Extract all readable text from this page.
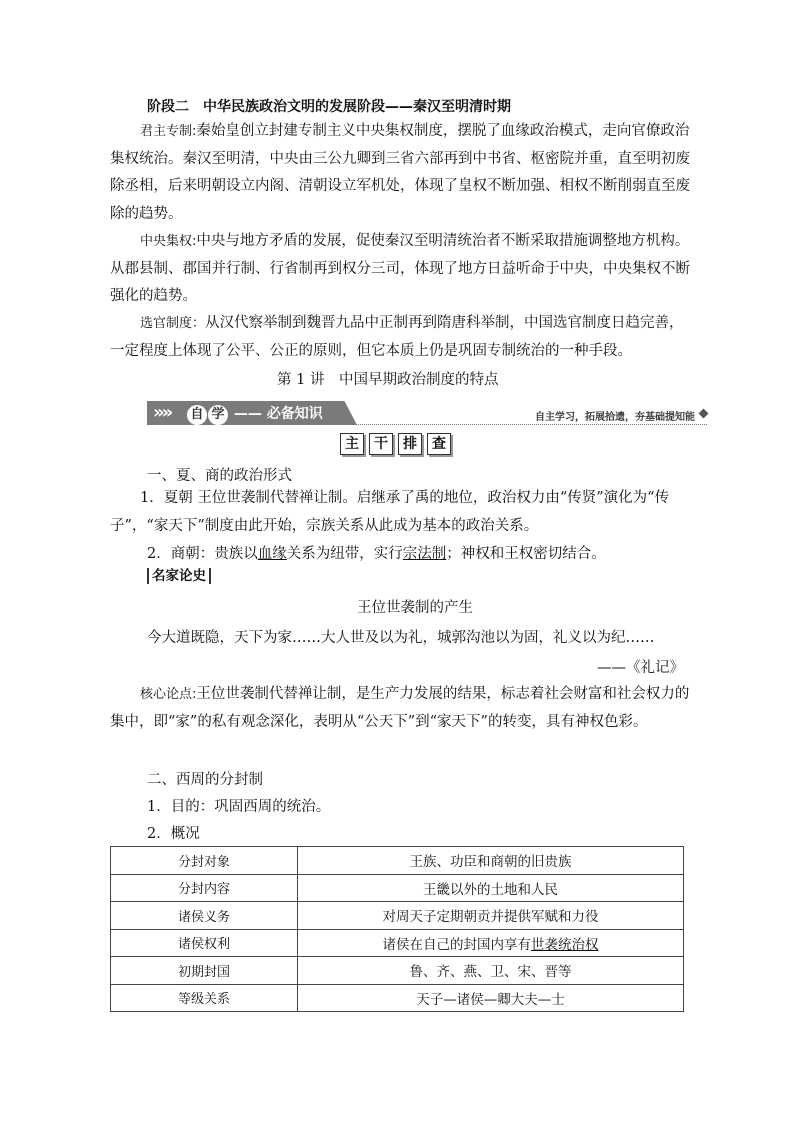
阶段二　中华民族政治文明的发展阶段——秦汉至明清时期
君主专制:秦始皇创立封建专制主义中央集权制度，摆脱了血缘政治模式，走向官僚政治集权统治。秦汉至明清，中央由三公九卿到三省六部再到中书省、枢密院并重，直至明初废除丞相，后来明朝设立内阁、清朝设立军机处，体现了皇权不断加强、相权不断削弱直至废除的趋势。
中央集权:中央与地方矛盾的发展，促使秦汉至明清统治者不断采取措施调整地方机构。从郡县制、郡国并行制、行省制再到权分三司，体现了地方日益听命于中央，中央集权不断强化的趋势。
选官制度：从汉代察举制到魏晋九品中正制再到隋唐科举制，中国选官制度日趋完善，一定程度上体现了公平、公正的原则，但它本质上仍是巩固专制统治的一种手段。
第 1 讲　中国早期政治制度的特点
»» 自 学 —— 必备知识	自主学习，拓展拾遗，夯基础提知能
主 干 排 查
一、夏、商的政治形式
1．夏朝 王位世袭制代替禅让制。启继承了禹的地位，政治权力由“传贤”演化为“传子”，“家天下”制度由此开始，宗族关系从此成为基本的政治关系。
2．商朝：贵族以血缘关系为纽带，实行宗法制；神权和王权密切结合。
名家论史
王位世袭制的产生
今大道既隐，天下为家……大人世及以为礼，城郭沟池以为固，礼义以为纪……
——《礼记》
核心论点:王位世袭制代替禅让制，是生产力发展的结果，标志着社会财富和社会权力的集中，即“家”的私有观念深化，表明从“公天下”到“家天下”的转变，具有神权色彩。
二、西周的分封制
1．目的：巩固西周的统治。
2．概况
分封对象	王族、功臣和商朝的旧贵族
分封内容	王畿以外的土地和人民
诸侯义务	对周天子定期朝贡并提供军赋和力役
诸侯权利	诸侯在自己的封国内享有世袭统治权
初期封国	鲁、齐、燕、卫、宋、晋等
等级关系	天子—诸侯—卿大夫—士
